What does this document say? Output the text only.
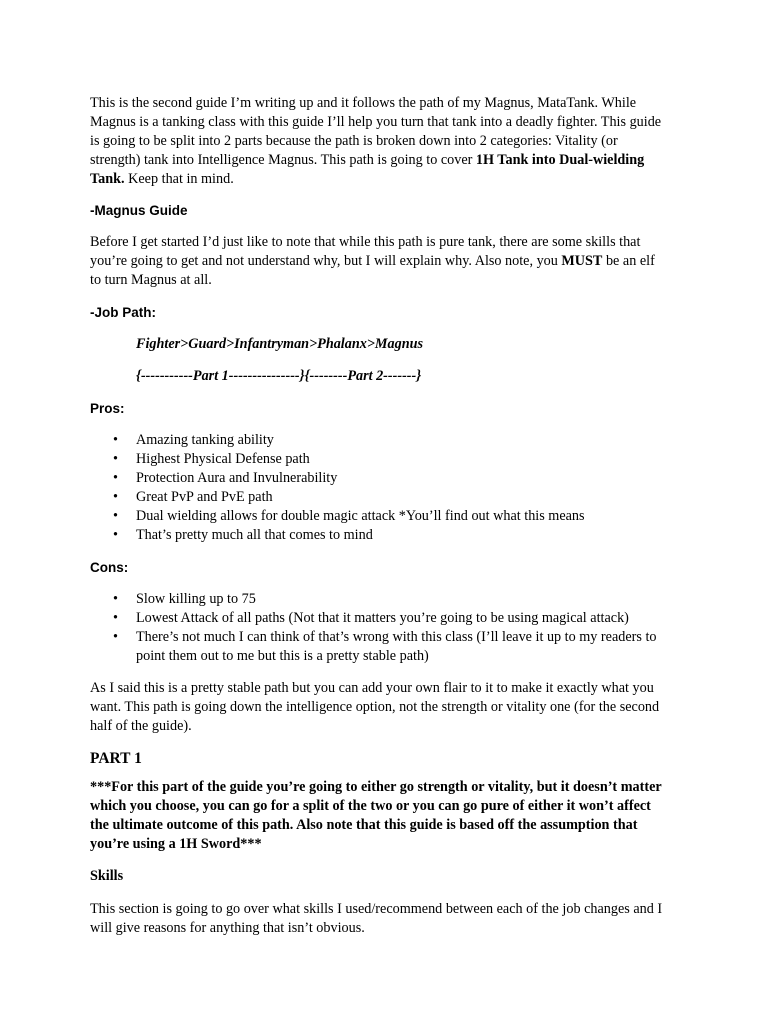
This is the second guide I’m writing up and it follows the path of my Magnus, MataTank. While Magnus is a tanking class with this guide I’ll help you turn that tank into a deadly fighter. This guide is going to be split into 2 parts because the path is broken down into 2 categories: Vitality (or strength) tank into Intelligence Magnus. This path is going to cover 1H Tank into Dual-wielding Tank. Keep that in mind.

-Magnus Guide

Before I get started I’d just like to note that while this path is pure tank, there are some skills that you’re going to get and not understand why, but I will explain why. Also note, you MUST be an elf to turn Magnus at all.

-Job Path:

Fighter>Guard>Infantryman>Phalanx>Magnus

{-----------Part 1---------------}{--------Part 2-------}

Pros:

• Amazing tanking ability
• Highest Physical Defense path
• Protection Aura and Invulnerability
• Great PvP and PvE path
• Dual wielding allows for double magic attack *You’ll find out what this means
• That’s pretty much all that comes to mind

Cons:

• Slow killing up to 75
• Lowest Attack of all paths (Not that it matters you’re going to be using magical attack)
• There’s not much I can think of that’s wrong with this class (I’ll leave it up to my readers to point them out to me but this is a pretty stable path)

As I said this is a pretty stable path but you can add your own flair to it to make it exactly what you want. This path is going down the intelligence option, not the strength or vitality one (for the second half of the guide).

PART 1

***For this part of the guide you’re going to either go strength or vitality, but it doesn’t matter which you choose, you can go for a split of the two or you can go pure of either it won’t affect the ultimate outcome of this path. Also note that this guide is based off the assumption that you’re using a 1H Sword***

Skills

This section is going to go over what skills I used/recommend between each of the job changes and I will give reasons for anything that isn’t obvious.
